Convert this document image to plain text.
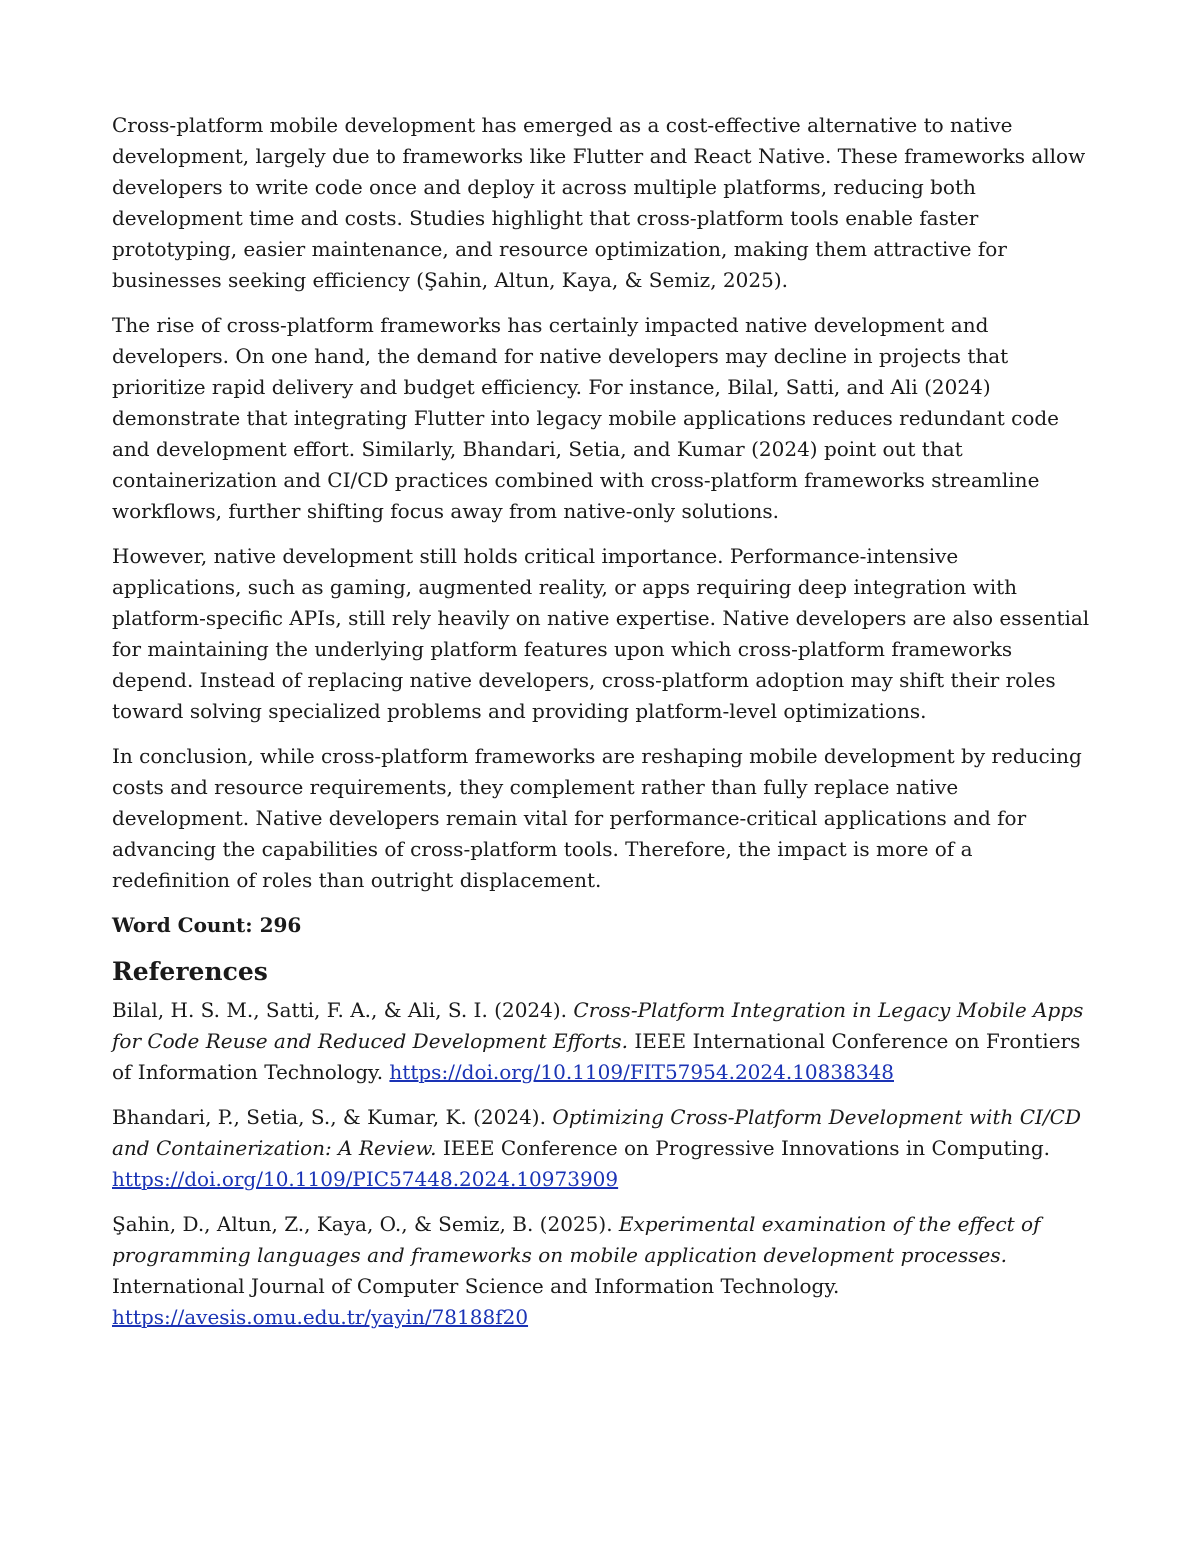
Cross-platform mobile development has emerged as a cost-effective alternative to native development, largely due to frameworks like Flutter and React Native. These frameworks allow developers to write code once and deploy it across multiple platforms, reducing both development time and costs. Studies highlight that cross-platform tools enable faster prototyping, easier maintenance, and resource optimization, making them attractive for businesses seeking efficiency (Şahin, Altun, Kaya, & Semiz, 2025).

The rise of cross-platform frameworks has certainly impacted native development and developers. On one hand, the demand for native developers may decline in projects that prioritize rapid delivery and budget efficiency. For instance, Bilal, Satti, and Ali (2024) demonstrate that integrating Flutter into legacy mobile applications reduces redundant code and development effort. Similarly, Bhandari, Setia, and Kumar (2024) point out that containerization and CI/CD practices combined with cross-platform frameworks streamline workflows, further shifting focus away from native-only solutions.

However, native development still holds critical importance. Performance-intensive applications, such as gaming, augmented reality, or apps requiring deep integration with platform-specific APIs, still rely heavily on native expertise. Native developers are also essential for maintaining the underlying platform features upon which cross-platform frameworks depend. Instead of replacing native developers, cross-platform adoption may shift their roles toward solving specialized problems and providing platform-level optimizations.

In conclusion, while cross-platform frameworks are reshaping mobile development by reducing costs and resource requirements, they complement rather than fully replace native development. Native developers remain vital for performance-critical applications and for advancing the capabilities of cross-platform tools. Therefore, the impact is more of a redefinition of roles than outright displacement.

Word Count: 296

References

Bilal, H. S. M., Satti, F. A., & Ali, S. I. (2024). Cross-Platform Integration in Legacy Mobile Apps for Code Reuse and Reduced Development Efforts. IEEE International Conference on Frontiers of Information Technology. https://doi.org/10.1109/FIT57954.2024.10838348

Bhandari, P., Setia, S., & Kumar, K. (2024). Optimizing Cross-Platform Development with CI/CD and Containerization: A Review. IEEE Conference on Progressive Innovations in Computing. https://doi.org/10.1109/PIC57448.2024.10973909

Şahin, D., Altun, Z., Kaya, O., & Semiz, B. (2025). Experimental examination of the effect of programming languages and frameworks on mobile application development processes. International Journal of Computer Science and Information Technology. https://avesis.omu.edu.tr/yayin/78188f20
